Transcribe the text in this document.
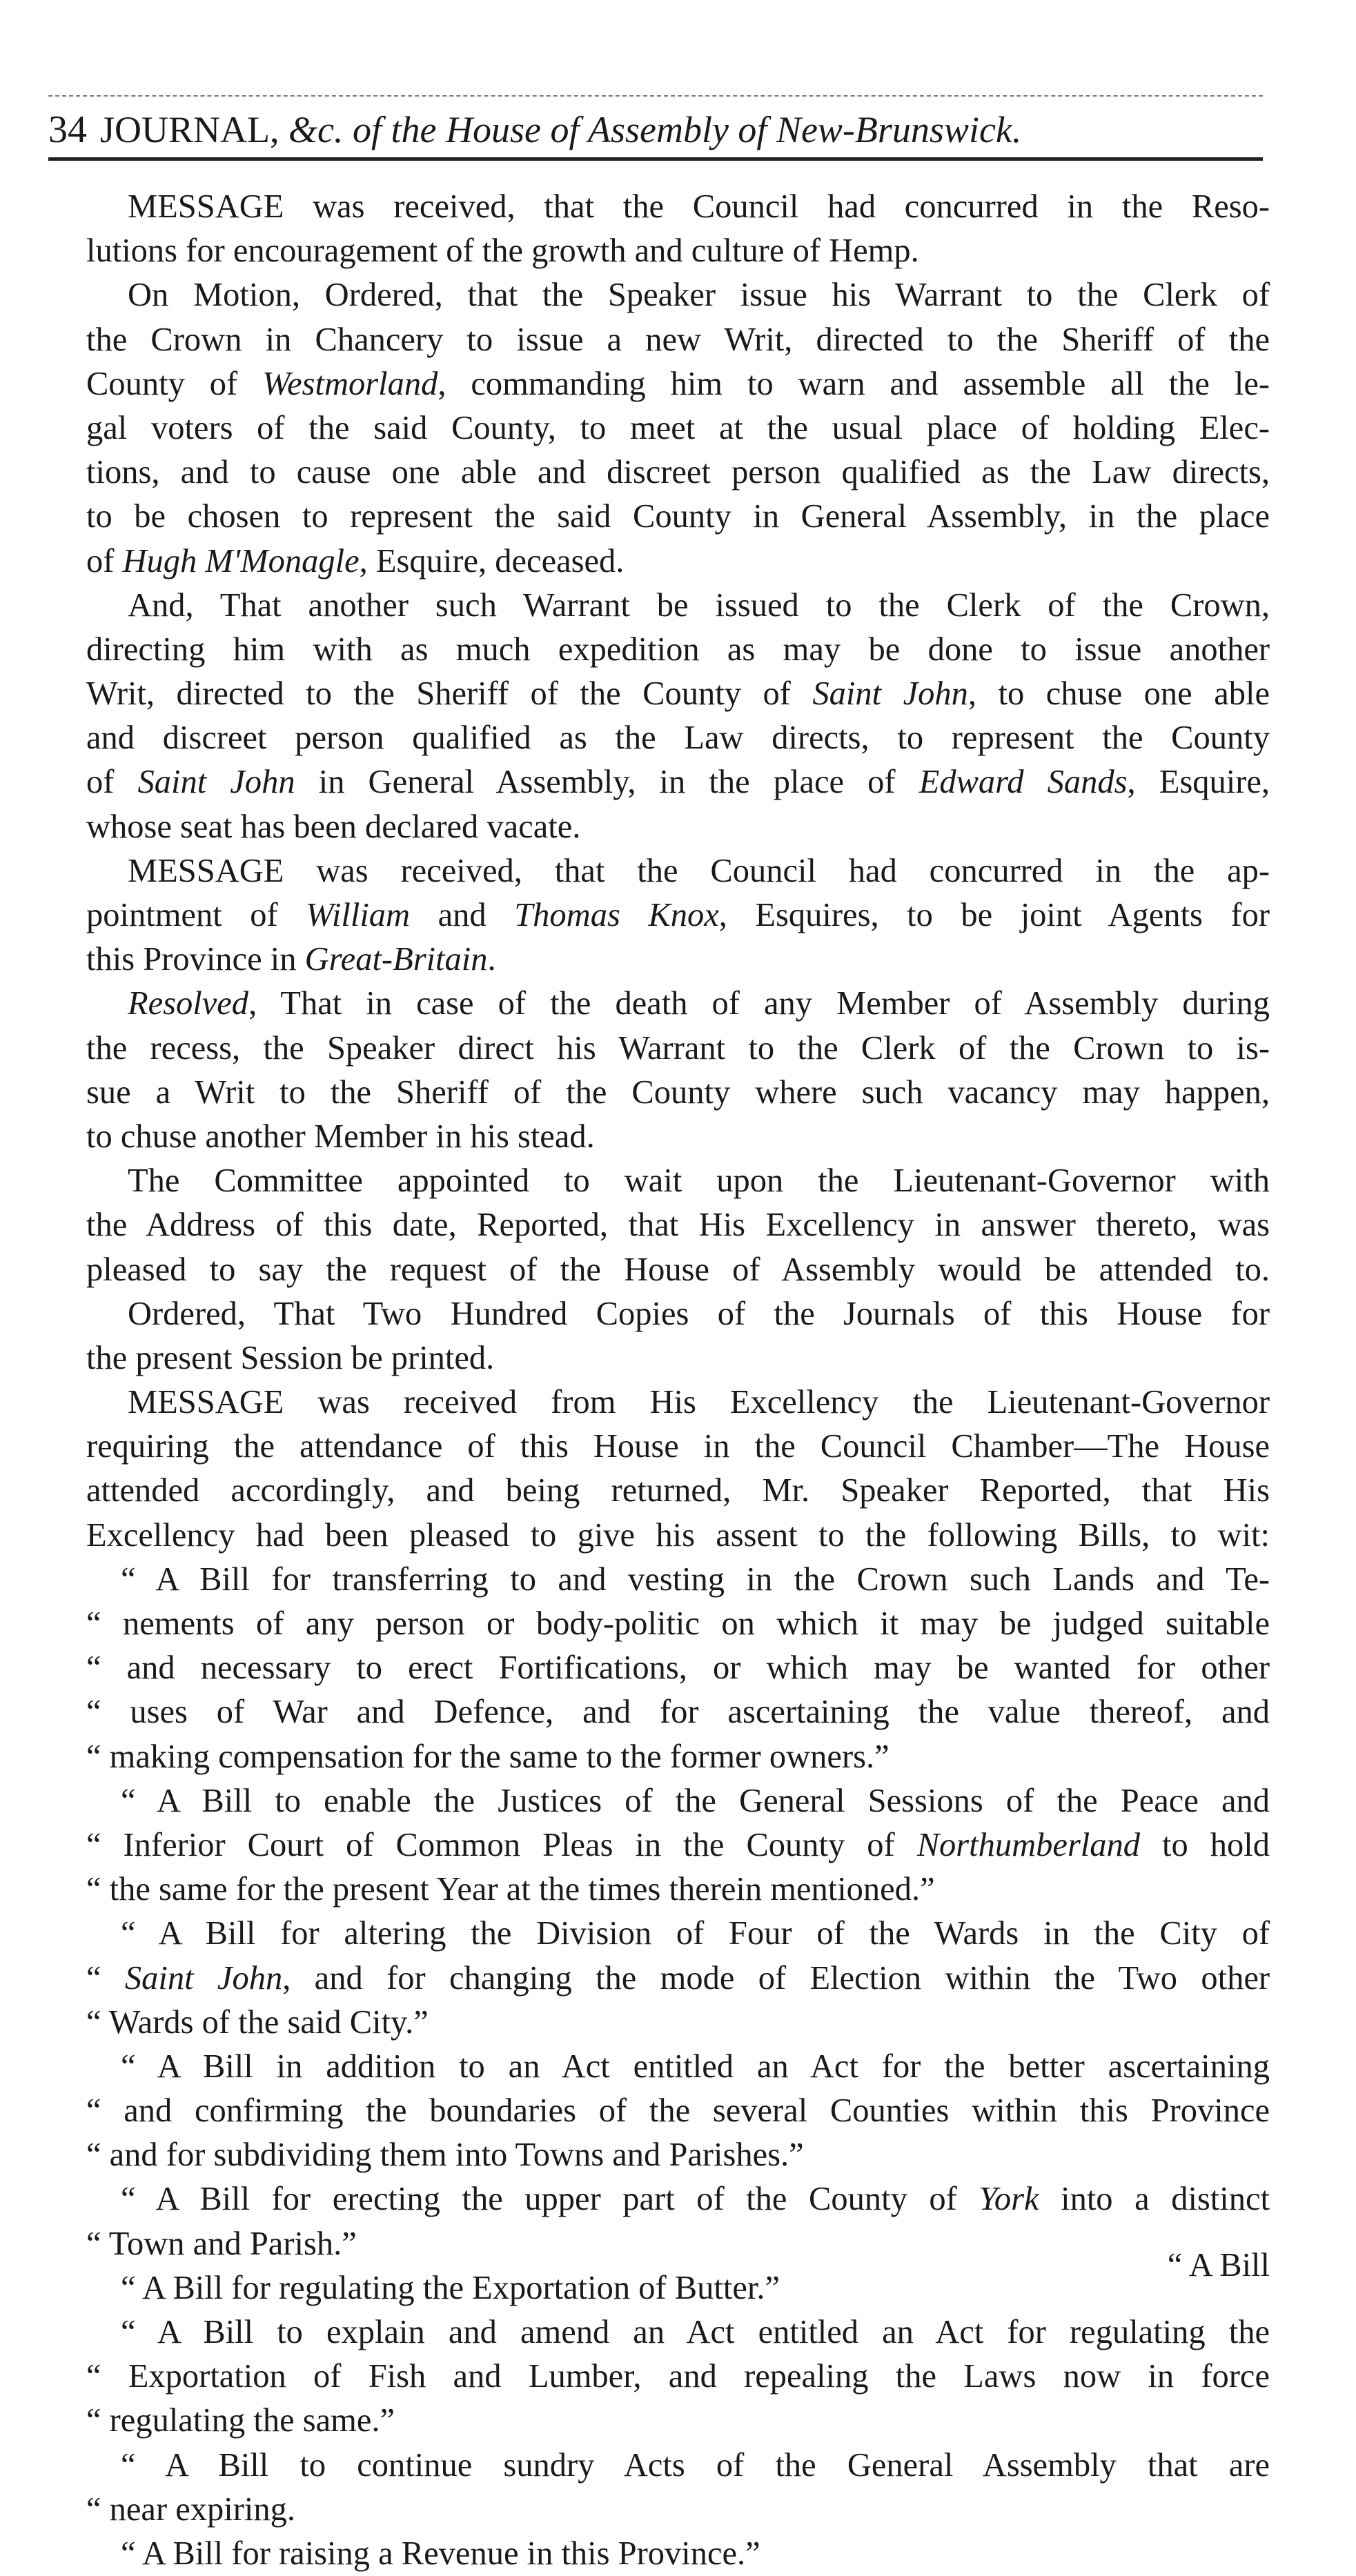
34 JOURNAL, &c. of the House of Assembly of New-Brunswick.
MESSAGE was received, that the Council had concurred in the Reso-
lutions for encouragement of the growth and culture of Hemp.
On Motion, Ordered, that the Speaker issue his Warrant to the Clerk of
the Crown in Chancery to issue a new Writ, directed to the Sheriff of the
County of Westmorland, commanding him to warn and assemble all the le-
gal voters of the said County, to meet at the usual place of holding Elec-
tions, and to cause one able and discreet person qualified as the Law directs,
to be chosen to represent the said County in General Assembly, in the place
of Hugh M'Monagle, Esquire, deceased.
And, That another such Warrant be issued to the Clerk of the Crown,
directing him with as much expedition as may be done to issue another
Writ, directed to the Sheriff of the County of Saint John, to chuse one able
and discreet person qualified as the Law directs, to represent the County
of Saint John in General Assembly, in the place of Edward Sands, Esquire,
whose seat has been declared vacate.
MESSAGE was received, that the Council had concurred in the ap-
pointment of William and Thomas Knox, Esquires, to be joint Agents for
this Province in Great-Britain.
Resolved, That in case of the death of any Member of Assembly during
the recess, the Speaker direct his Warrant to the Clerk of the Crown to is-
sue a Writ to the Sheriff of the County where such vacancy may happen,
to chuse another Member in his stead.
The Committee appointed to wait upon the Lieutenant-Governor with
the Address of this date, Reported, that His Excellency in answer thereto, was
pleased to say the request of the House of Assembly would be attended to.
Ordered, That Two Hundred Copies of the Journals of this House for
the present Session be printed.
MESSAGE was received from His Excellency the Lieutenant-Governor
requiring the attendance of this House in the Council Chamber—The House
attended accordingly, and being returned, Mr. Speaker Reported, that His
Excellency had been pleased to give his assent to the following Bills, to wit:
“ A Bill for transferring to and vesting in the Crown such Lands and Te-
“ nements of any person or body-politic on which it may be judged suitable
“ and necessary to erect Fortifications, or which may be wanted for other
“ uses of War and Defence, and for ascertaining the value thereof, and
“ making compensation for the same to the former owners.”
“ A Bill to enable the Justices of the General Sessions of the Peace and
“ Inferior Court of Common Pleas in the County of Northumberland to hold
“ the same for the present Year at the times therein mentioned.”
“ A Bill for altering the Division of Four of the Wards in the City of
“ Saint John, and for changing the mode of Election within the Two other
“ Wards of the said City.”
“ A Bill in addition to an Act entitled an Act for the better ascertaining
“ and confirming the boundaries of the several Counties within this Province
“ and for subdividing them into Towns and Parishes.”
“ A Bill for erecting the upper part of the County of York into a distinct
“ Town and Parish.”
“ A Bill for regulating the Exportation of Butter.”
“ A Bill to explain and amend an Act entitled an Act for regulating the
“ Exportation of Fish and Lumber, and repealing the Laws now in force
“ regulating the same.”
“ A Bill to continue sundry Acts of the General Assembly that are
“ near expiring.
“ A Bill for raising a Revenue in this Province.”
“ A Bill
